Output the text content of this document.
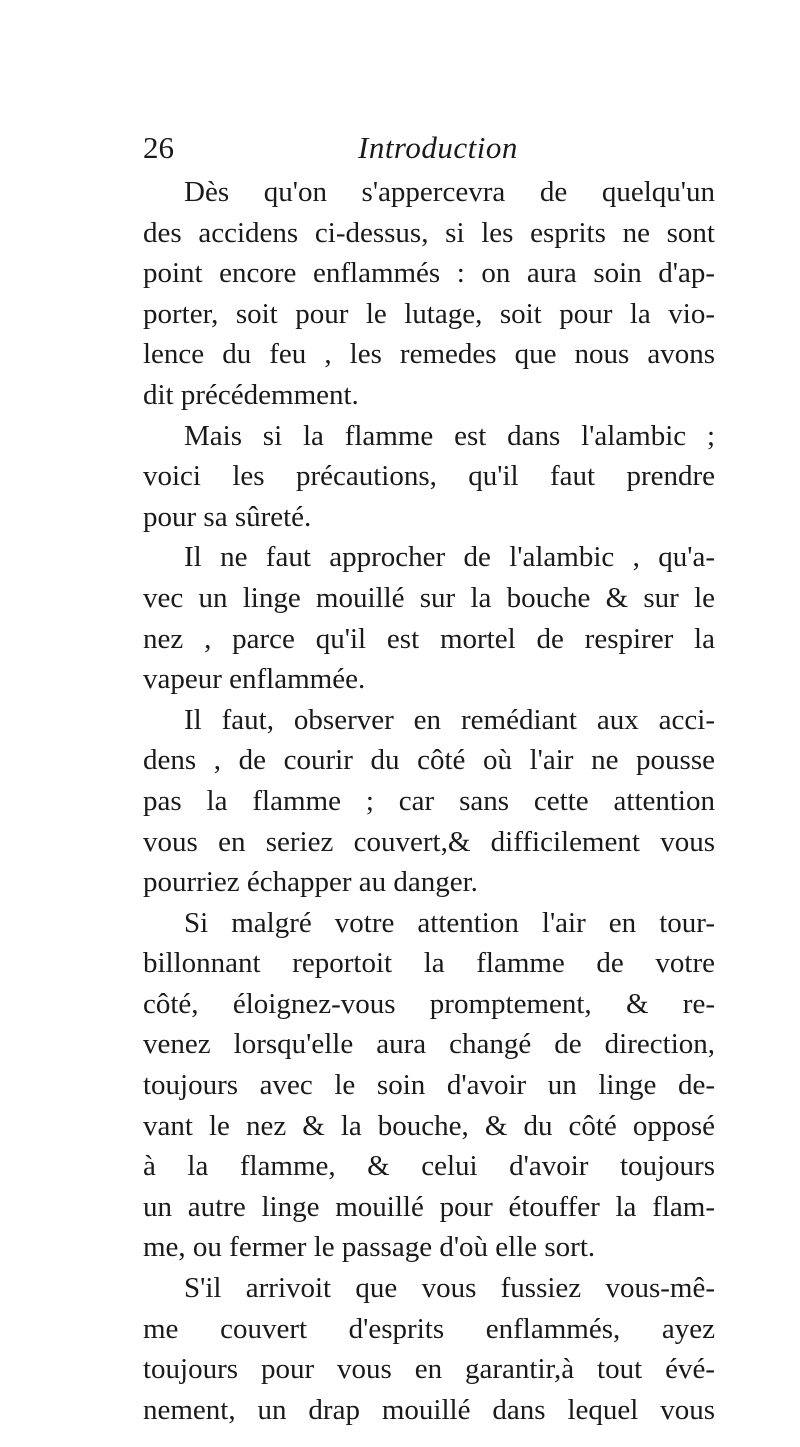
26	Introduction
Dès qu'on s'appercevra de quelqu'un
des accidens ci-dessus, si les esprits ne sont
point encore enflammés : on aura soin d'ap-
porter, soit pour le lutage, soit pour la vio-
lence du feu , les remedes que nous avons
dit précédemment.
Mais si la flamme est dans l'alambic ;
voici les précautions, qu'il faut prendre
pour sa sûreté.
Il ne faut approcher de l'alambic , qu'a-
vec un linge mouillé sur la bouche & sur le
nez , parce qu'il est mortel de respirer la
vapeur enflammée.
Il faut, observer en remédiant aux acci-
dens , de courir du côté où l'air ne pousse
pas la flamme ; car sans cette attention
vous en seriez couvert,& difficilement vous
pourriez échapper au danger.
Si malgré votre attention l'air en tour-
billonnant reportoit la flamme de votre
côté, éloignez-vous promptement, & re-
venez lorsqu'elle aura changé de direction,
toujours avec le soin d'avoir un linge de-
vant le nez & la bouche, & du côté opposé
à la flamme, & celui d'avoir toujours
un autre linge mouillé pour étouffer la flam-
me, ou fermer le passage d'où elle sort.
S'il arrivoit que vous fussiez vous-mê-
me couvert d'esprits enflammés, ayez
toujours pour vous en garantir,à tout évé-
nement, un drap mouillé dans lequel vous
